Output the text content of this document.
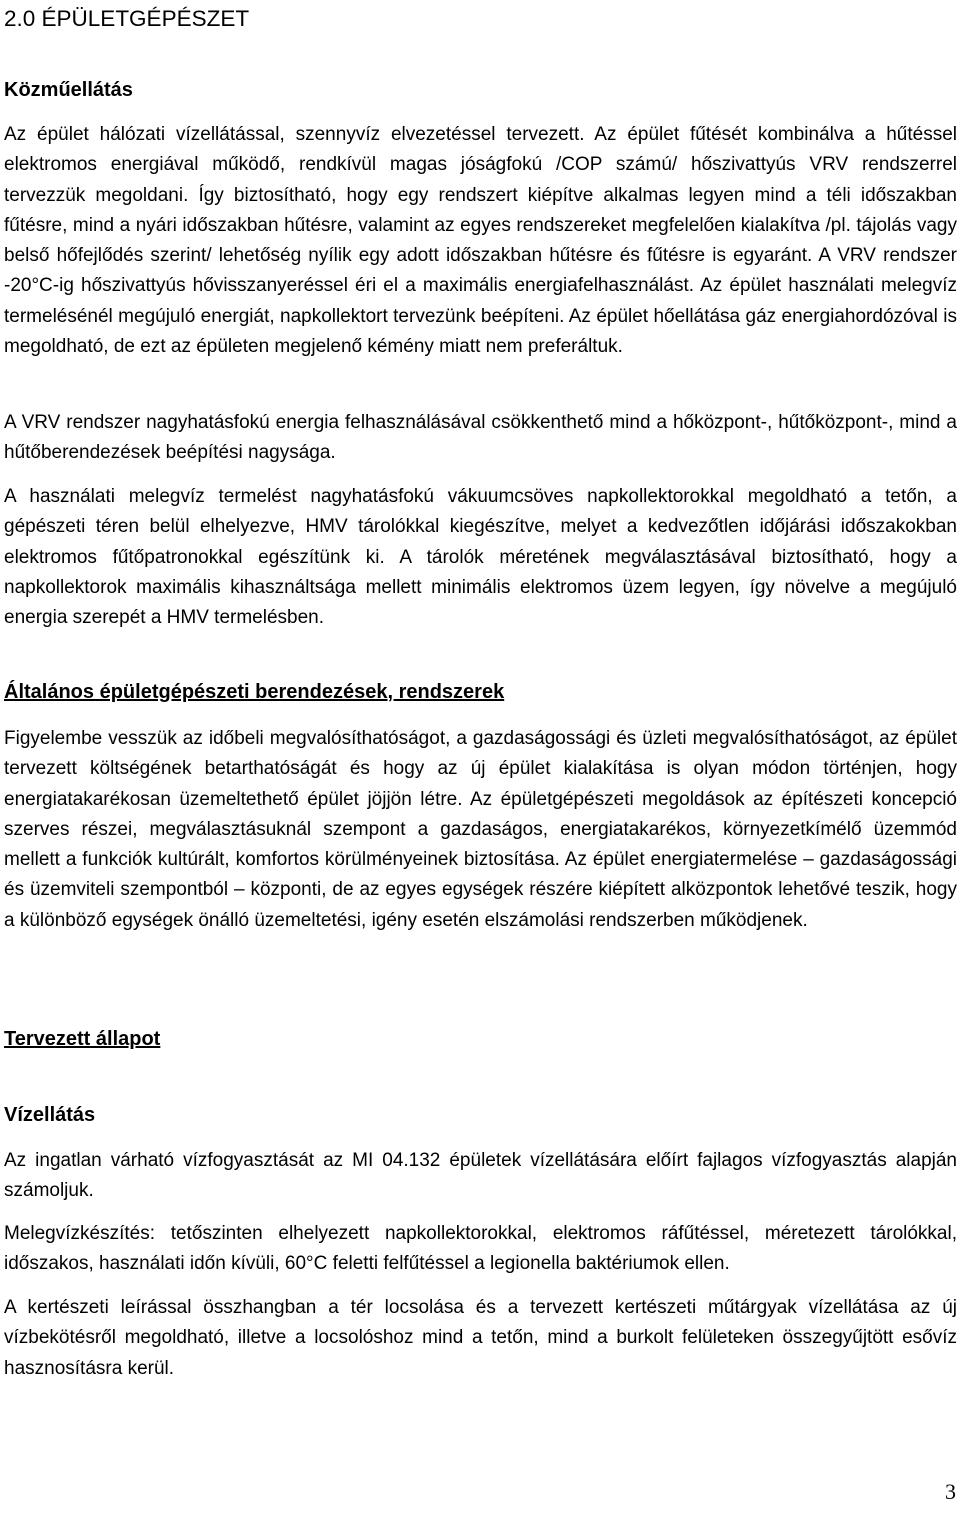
2.0 ÉPÜLETGÉPÉSZET
Közműellátás

Az épület hálózati vízellátással, szennyvíz elvezetéssel tervezett. Az épület fűtését kombinálva a hűtéssel elektromos energiával működő, rendkívül magas jóságfokú /COP számú/ hőszivattyús VRV rendszerrel tervezzük megoldani. Így biztosítható, hogy egy rendszert kiépítve alkalmas legyen mind a téli időszakban fűtésre, mind a nyári időszakban hűtésre, valamint az egyes rendszereket megfelelően kialakítva /pl. tájolás vagy belső hőfejlődés szerint/ lehetőség nyílik egy adott időszakban hűtésre és fűtésre is egyaránt. A VRV rendszer -20°C-ig hőszivattyús hővisszanyeréssel éri el a maximális energiafelhasználást. Az épület használati melegvíz termelésénél megújuló energiát, napkollektort tervezünk beépíteni. Az épület hőellátása gáz energiahordózóval is megoldható, de ezt az épületen megjelenő kémény miatt nem preferáltuk.

A VRV rendszer nagyhatásfokú energia felhasználásával csökkenthető mind a hőközpont-, hűtőközpont-, mind a hűtőberendezések beépítési nagysága.

A használati melegvíz termelést nagyhatásfokú vákuumcsöves napkollektorokkal megoldható a tetőn, a gépészeti téren belül elhelyezve, HMV tárolókkal kiegészítve, melyet a kedvezőtlen időjárási időszakokban elektromos fűtőpatronokkal egészítünk ki. A tárolók méretének megválasztásával biztosítható, hogy a napkollektorok maximális kihasználtsága mellett minimális elektromos üzem legyen, így növelve a megújuló energia szerepét a HMV termelésben.

Általános épületgépészeti berendezések, rendszerek

Figyelembe vesszük az időbeli megvalósíthatóságot, a gazdaságossági és üzleti megvalósíthatóságot, az épület tervezett költségének betarthatóságát és hogy az új épület kialakítása is olyan módon történjen, hogy energiatakarékosan üzemeltethető épület jöjjön létre. Az épületgépészeti megoldások az építészeti koncepció szerves részei, megválasztásuknál szempont a gazdaságos, energiatakarékos, környezetkímélő üzemmód mellett a funkciók kultúrált, komfortos körülményeinek biztosítása. Az épület energiatermelése – gazdaságossági és üzemviteli szempontból – központi, de az egyes egységek részére kiépített alközpontok lehetővé teszik, hogy a különböző egységek önálló üzemeltetési, igény esetén elszámolási rendszerben működjenek.

Tervezett állapot
Vízellátás

Az ingatlan várható vízfogyasztását az MI 04.132 épületek vízellátására előírt fajlagos vízfogyasztás alapján számoljuk.

Melegvízkészítés: tetőszinten elhelyezett napkollektorokkal, elektromos ráfűtéssel, méretezett tárolókkal, időszakos, használati időn kívüli, 60°C feletti felfűtéssel a legionella baktériumok ellen.

A kertészeti leírással összhangban a tér locsolása és a tervezett kertészeti műtárgyak vízellátása az új vízbekötésről megoldható, illetve a locsolóshoz mind a tetőn, mind a burkolt felületeken összegyűjtött esővíz hasznosításra kerül.

3
